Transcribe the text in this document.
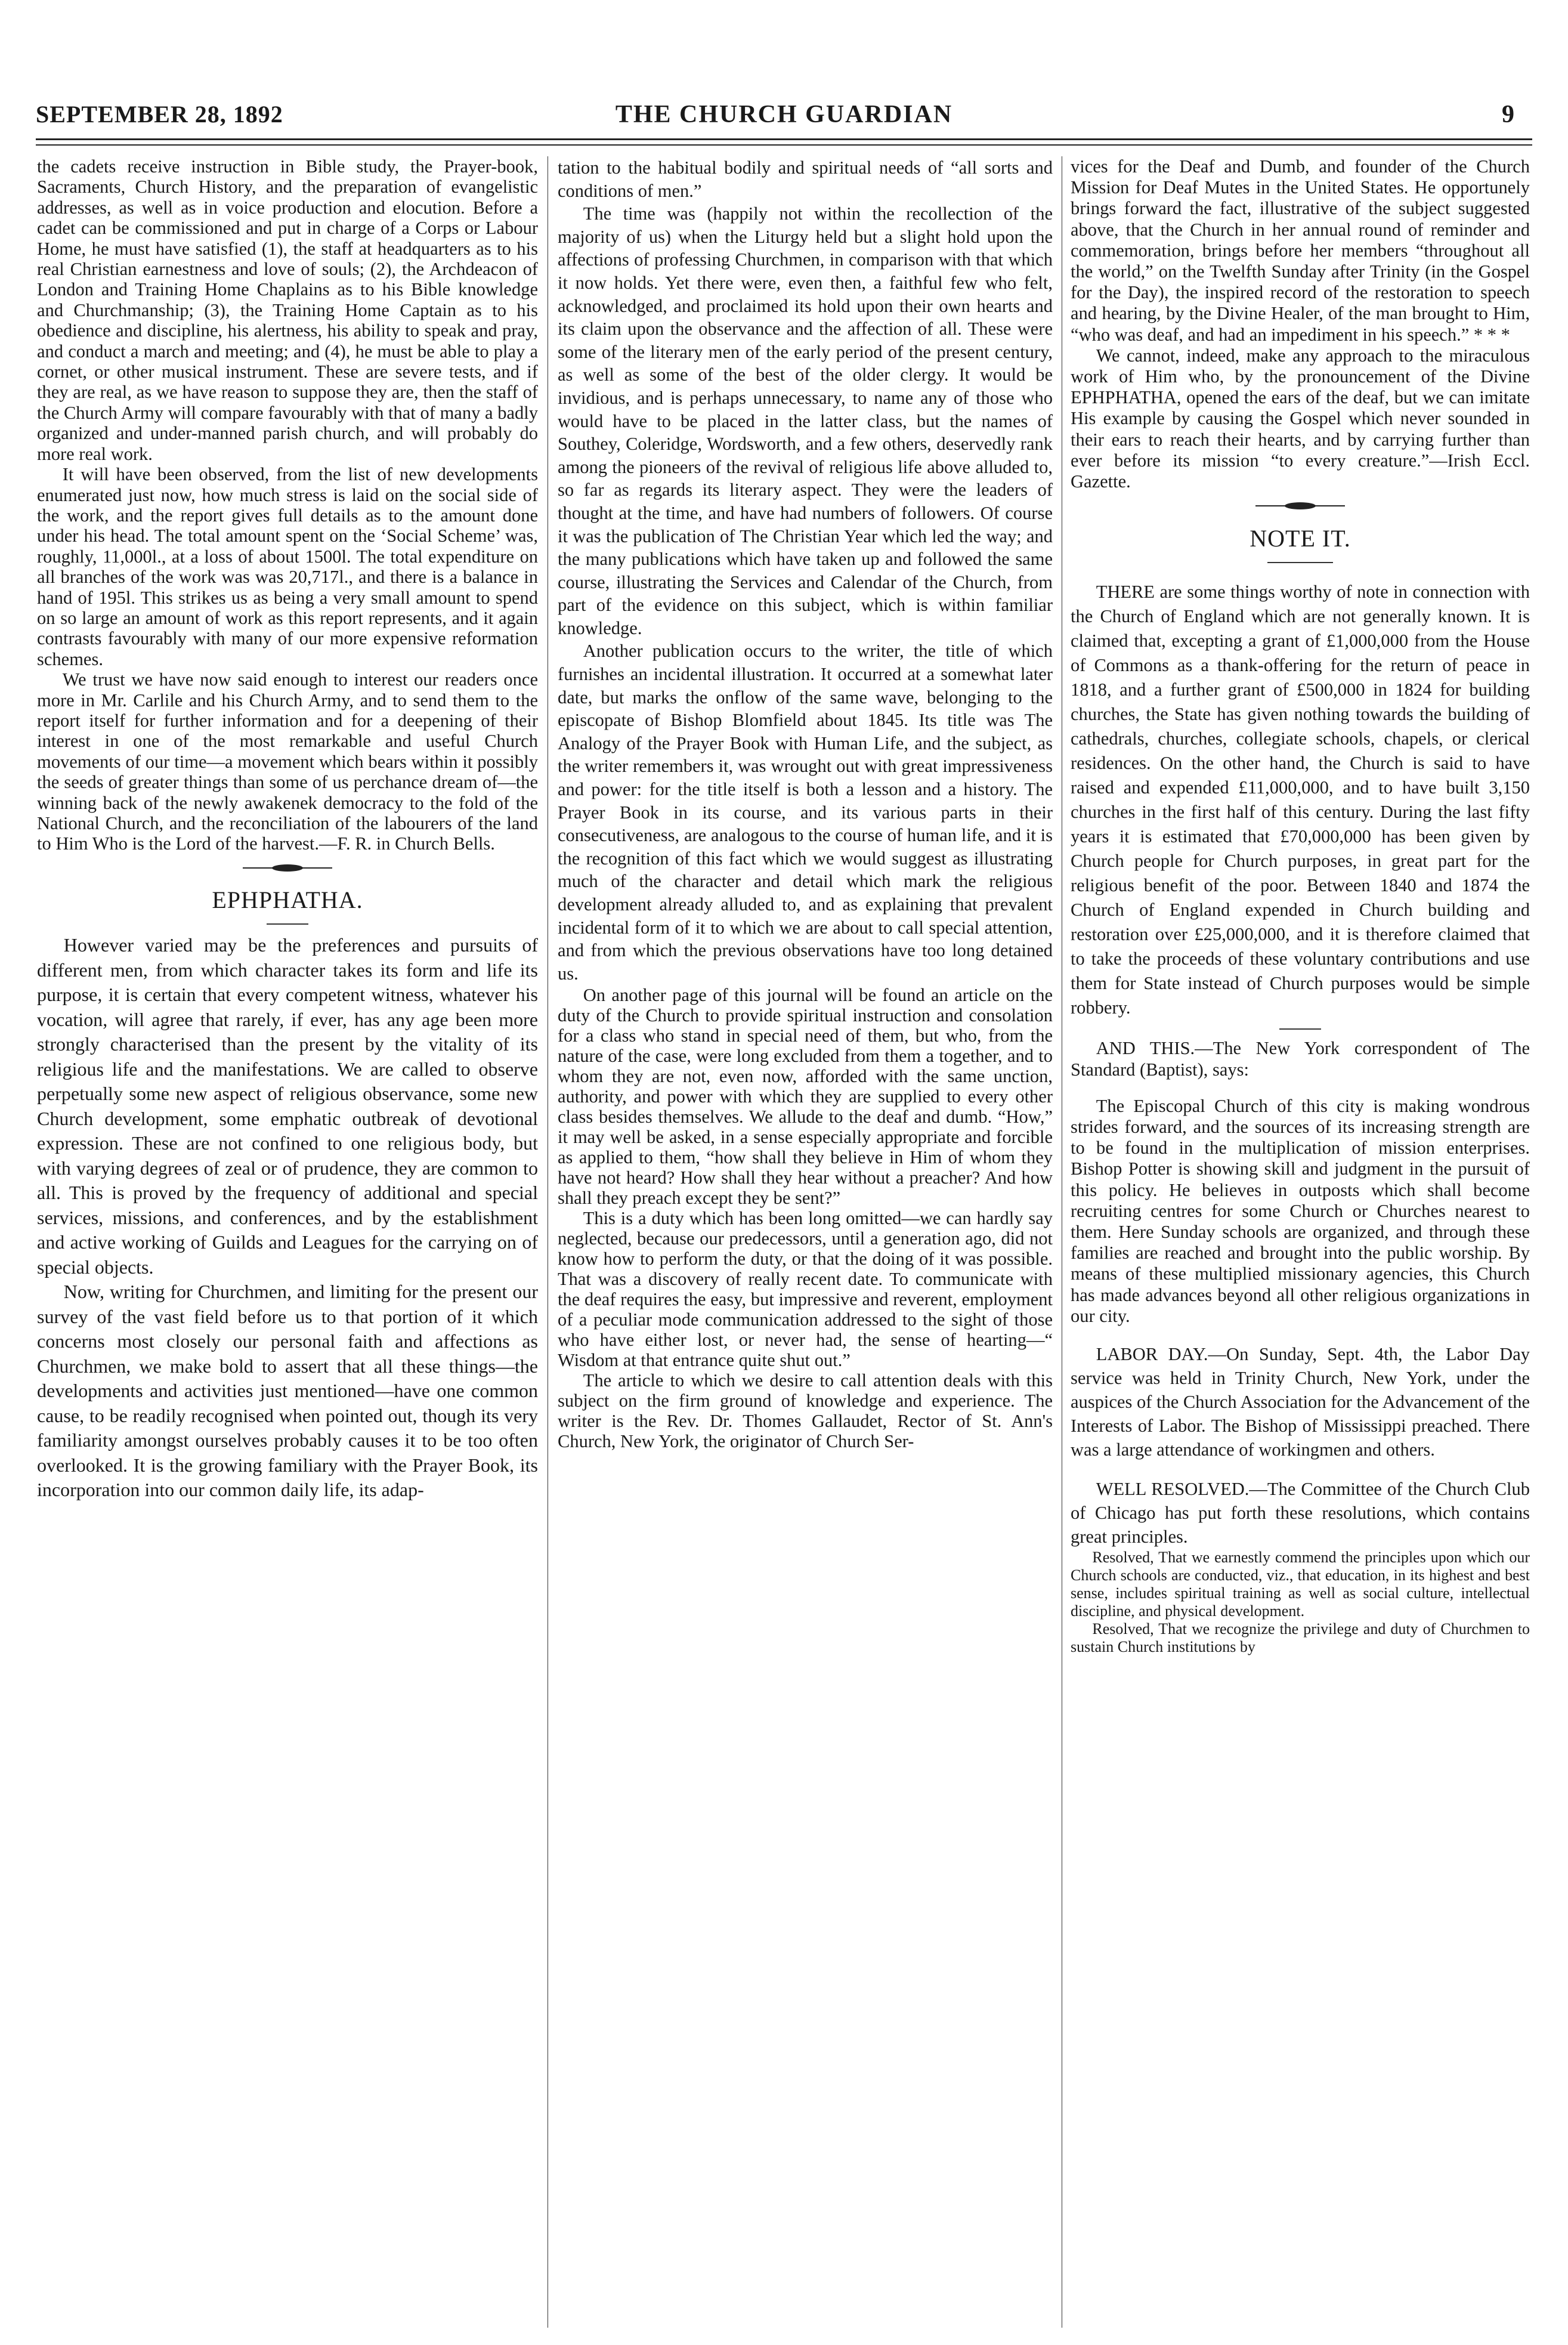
SEPTEMBER 28, 1892	THE CHURCH GUARDIAN	9

the cadets receive instruction in Bible study, the Prayer-book, Sacraments, Church History, and the preparation of evangelistic addresses, as well as in voice production and elocution. Before a cadet can be commissioned and put in charge of a Corps or Labour Home, he must have satisfied (1), the staff at headquarters as to his real Christian earnestness and love of souls; (2), the Archdeacon of London and Training Home Chaplains as to his Bible knowledge and Churchmanship; (3), the Training Home Captain as to his obedience and discipline, his alertness, his ability to speak and pray, and conduct a march and meeting; and (4), he must be able to play a cornet, or other musical instrument. These are severe tests, and if they are real, as we have reason to suppose they are, then the staff of the Church Army will compare favourably with that of many a badly organized and under-manned parish church, and will probably do more real work.

It will have been observed, from the list of new developments enumerated just now, how much stress is laid on the social side of the work, and the report gives full details as to the amount done under his head. The total amount spent on the ‘Social Scheme’ was, roughly, 11,000l., at a loss of about 1500l. The total expenditure on all branches of the work was was 20,717l., and there is a balance in hand of 195l. This strikes us as being a very small amount to spend on so large an amount of work as this report represents, and it again contrasts favourably with many of our more expensive reformation schemes.

We trust we have now said enough to interest our readers once more in Mr. Carlile and his Church Army, and to send them to the report itself for further information and for a deepening of their interest in one of the most remarkable and useful Church movements of our time—a movement which bears within it possibly the seeds of greater things than some of us perchance dream of—the winning back of the newly awakenek democracy to the fold of the National Church, and the reconciliation of the labourers of the land to Him Who is the Lord of the harvest.—F. R. in Church Bells.

EPHPHATHA.

However varied may be the preferences and pursuits of different men, from which character takes its form and life its purpose, it is certain that every competent witness, whatever his vocation, will agree that rarely, if ever, has any age been more strongly characterised than the present by the vitality of its religious life and the manifestations. We are called to observe perpetually some new aspect of religious observance, some new Church development, some emphatic outbreak of devotional expression. These are not confined to one religious body, but with varying degrees of zeal or of prudence, they are common to all. This is proved by the frequency of additional and special services, missions, and conferences, and by the establishment and active working of Guilds and Leagues for the carrying on of special objects.

Now, writing for Churchmen, and limiting for the present our survey of the vast field before us to that portion of it which concerns most closely our personal faith and affections as Churchmen, we make bold to assert that all these things—the developments and activities just mentioned—have one common cause, to be readily recognised when pointed out, though its very familiarity amongst ourselves probably causes it to be too often overlooked. It is the growing familiary with the Prayer Book, its incorporation into our common daily life, its adap-

tation to the habitual bodily and spiritual needs of “all sorts and conditions of men.”

The time was (happily not within the recollection of the majority of us) when the Liturgy held but a slight hold upon the affections of professing Churchmen, in comparison with that which it now holds. Yet there were, even then, a faithful few who felt, acknowledged, and proclaimed its hold upon their own hearts and its claim upon the observance and the affection of all. These were some of the literary men of the early period of the present century, as well as some of the best of the older clergy. It would be invidious, and is perhaps unnecessary, to name any of those who would have to be placed in the latter class, but the names of Southey, Coleridge, Wordsworth, and a few others, deservedly rank among the pioneers of the revival of religious life above alluded to, so far as regards its literary aspect. They were the leaders of thought at the time, and have had numbers of followers. Of course it was the publication of The Christian Year which led the way; and the many publications which have taken up and followed the same course, illustrating the Services and Calendar of the Church, from part of the evidence on this subject, which is within familiar knowledge.

Another publication occurs to the writer, the title of which furnishes an incidental illustration. It occurred at a somewhat later date, but marks the onflow of the same wave, belonging to the episcopate of Bishop Blomfield about 1845. Its title was The Analogy of the Prayer Book with Human Life, and the subject, as the writer remembers it, was wrought out with great impressiveness and power: for the title itself is both a lesson and a history. The Prayer Book in its course, and its various parts in their consecutiveness, are analogous to the course of human life, and it is the recognition of this fact which we would suggest as illustrating much of the character and detail which mark the religious development already alluded to, and as explaining that prevalent incidental form of it to which we are about to call special attention, and from which the previous observations have too long detained us.

On another page of this journal will be found an article on the duty of the Church to provide spiritual instruction and consolation for a class who stand in special need of them, but who, from the nature of the case, were long excluded from them a together, and to whom they are not, even now, afforded with the same unction, authority, and power with which they are supplied to every other class besides themselves. We allude to the deaf and dumb. “How,” it may well be asked, in a sense especially appropriate and forcible as applied to them, “how shall they believe in Him of whom they have not heard? How shall they hear without a preacher? And how shall they preach except they be sent?”

This is a duty which has been long omitted—we can hardly say neglected, because our predecessors, until a generation ago, did not know how to perform the duty, or that the doing of it was possible. That was a discovery of really recent date. To communicate with the deaf requires the easy, but impressive and reverent, employment of a peculiar mode communication addressed to the sight of those who have either lost, or never had, the sense of hearting—“ Wisdom at that entrance quite shut out.”

The article to which we desire to call attention deals with this subject on the firm ground of knowledge and experience. The writer is the Rev. Dr. Thomes Gallaudet, Rector of St. Ann's Church, New York, the originator of Church Ser-

vices for the Deaf and Dumb, and founder of the Church Mission for Deaf Mutes in the United States. He opportunely brings forward the fact, illustrative of the subject suggested above, that the Church in her annual round of reminder and commemoration, brings before her members “throughout all the world,” on the Twelfth Sunday after Trinity (in the Gospel for the Day), the inspired record of the restoration to speech and hearing, by the Divine Healer, of the man brought to Him, “who was deaf, and had an impediment in his speech.” * * *

We cannot, indeed, make any approach to the miraculous work of Him who, by the pronouncement of the Divine EPHPHATHA, opened the ears of the deaf, but we can imitate His example by causing the Gospel which never sounded in their ears to reach their hearts, and by carrying further than ever before its mission “to every creature.”—Irish Eccl. Gazette.

NOTE IT.

THERE are some things worthy of note in connection with the Church of England which are not generally known. It is claimed that, excepting a grant of £1,000,000 from the House of Commons as a thank-offering for the return of peace in 1818, and a further grant of £500,000 in 1824 for building churches, the State has given nothing towards the building of cathedrals, churches, collegiate schools, chapels, or clerical residences. On the other hand, the Church is said to have raised and expended £11,000,000, and to have built 3,150 churches in the first half of this century. During the last fifty years it is estimated that £70,000,000 has been given by Church people for Church purposes, in great part for the religious benefit of the poor. Between 1840 and 1874 the Church of England expended in Church building and restoration over £25,000,000, and it is therefore claimed that to take the proceeds of these voluntary contributions and use them for State instead of Church purposes would be simple robbery.

AND THIS.—The New York correspondent of The Standard (Baptist), says:

The Episcopal Church of this city is making wondrous strides forward, and the sources of its increasing strength are to be found in the multiplication of mission enterprises. Bishop Potter is showing skill and judgment in the pursuit of this policy. He believes in outposts which shall become recruiting centres for some Church or Churches nearest to them. Here Sunday schools are organized, and through these families are reached and brought into the public worship. By means of these multiplied missionary agencies, this Church has made advances beyond all other religious organizations in our city.

LABOR DAY.—On Sunday, Sept. 4th, the Labor Day service was held in Trinity Church, New York, under the auspices of the Church Association for the Advancement of the Interests of Labor. The Bishop of Mississippi preached. There was a large attendance of workingmen and others.

WELL RESOLVED.—The Committee of the Church Club of Chicago has put forth these resolutions, which contains great principles.

Resolved, That we earnestly commend the principles upon which our Church schools are conducted, viz., that education, in its highest and best sense, includes spiritual training as well as social culture, intellectual discipline, and physical development.

Resolved, That we recognize the privilege and duty of Churchmen to sustain Church institutions by
